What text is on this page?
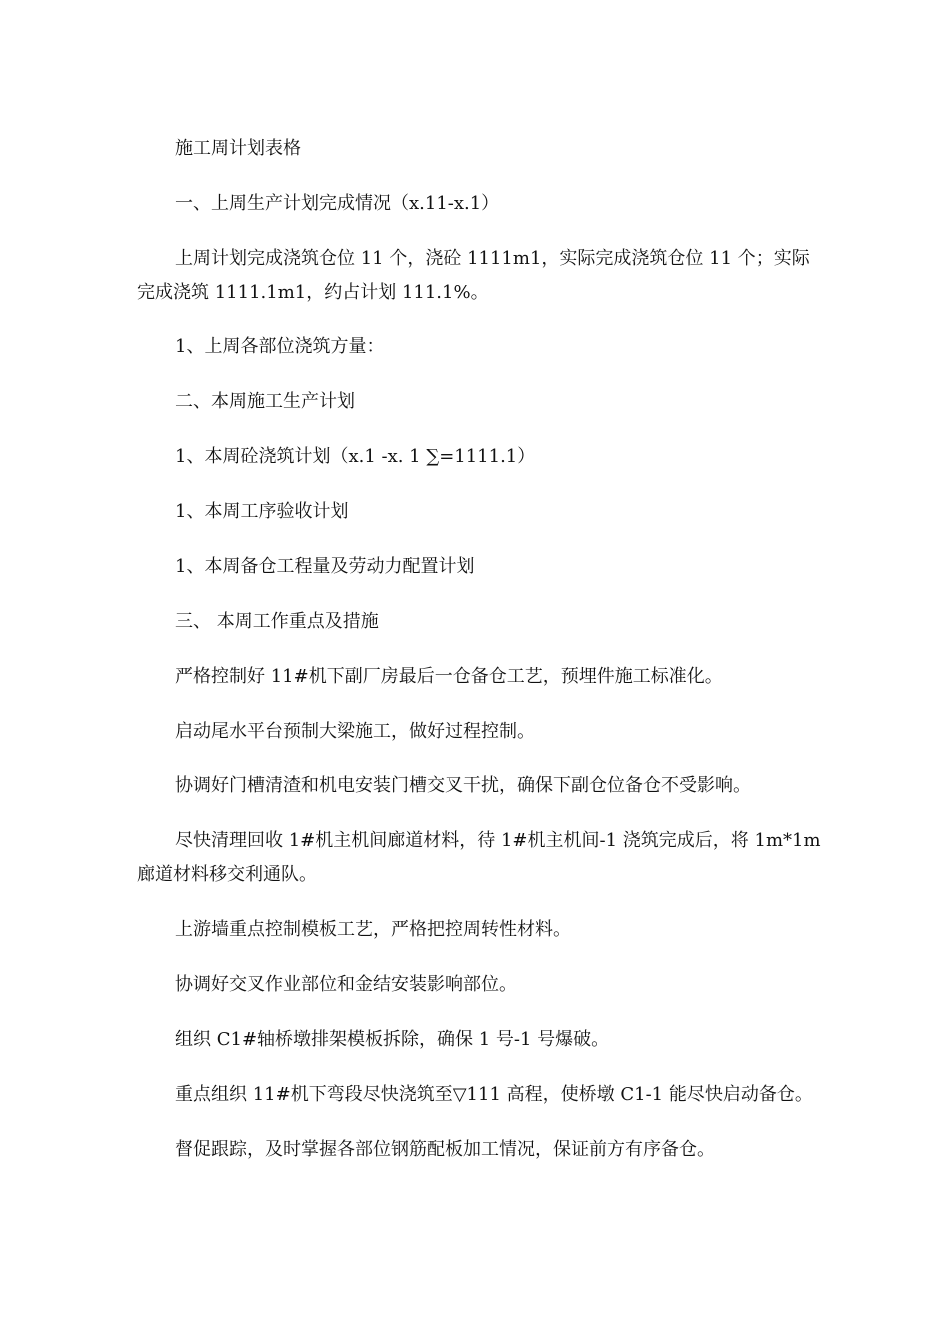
施工周计划表格

一、上周生产计划完成情况（x.11-x.1）

上周计划完成浇筑仓位 11 个，浇砼 1111m1，实际完成浇筑仓位 11 个；实际

完成浇筑 1111.1m1，约占计划 111.1%。

1、上周各部位浇筑方量：

二、本周施工生产计划

1、本周砼浇筑计划（x.1 -x. 1 ∑=1111.1）

1、本周工序验收计划

1、本周备仓工程量及劳动力配置计划

三、 本周工作重点及措施

严格控制好 11#机下副厂房最后一仓备仓工艺，预埋件施工标准化。

启动尾水平台预制大梁施工，做好过程控制。

协调好门槽清渣和机电安装门槽交叉干扰，确保下副仓位备仓不受影响。

尽快清理回收 1#机主机间廊道材料，待 1#机主机间-1 浇筑完成后，将 1m*1m

廊道材料移交利通队。

上游墙重点控制模板工艺，严格把控周转性材料。

协调好交叉作业部位和金结安装影响部位。

组织 C1#轴桥墩排架模板拆除，确保 1 号-1 号爆破。

重点组织 11#机下弯段尽快浇筑至▽111 高程，使桥墩 C1-1 能尽快启动备仓。

督促跟踪，及时掌握各部位钢筋配板加工情况，保证前方有序备仓。
